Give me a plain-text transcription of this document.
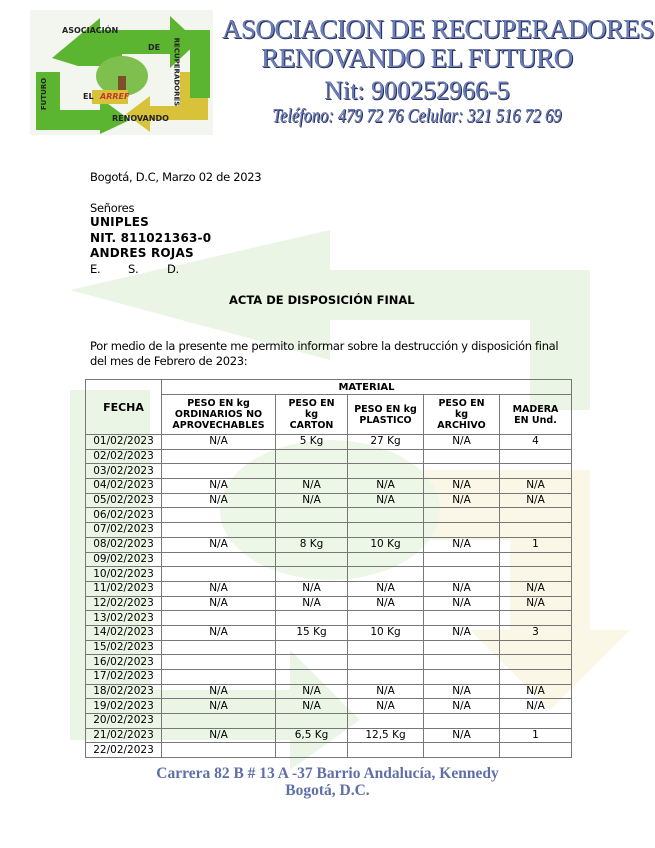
ASOCIACIÓN
DE RECUPERADORES
FUTURO	EL ARREF
RENOVANDO
ASOCIACION DE RECUPERADORES
RENOVANDO EL FUTURO
Nit: 900252966-5
Teléfono: 479 72 76 Celular: 321 516 72 69
Bogotá, D.C, Marzo 02 de 2023
Señores
UNIPLES
NIT. 811021363-0
ANDRES ROJAS
E. S. D.
ACTA DE DISPOSICIÓN FINAL
Por medio de la presente me permito informar sobre la destrucción y disposición final del mes de Febrero de 2023:
FECHA	MATERIAL				

	PESO EN kg ORDINARIOS NO APROVECHABLES	PESO EN kg CARTON	PESO EN kg PLASTICO	PESO EN kg ARCHIVO	MADERA EN Und.

01/02/2023	N/A	5 Kg	27 Kg	N/A	4
02/02/2023					
03/02/2023					
04/02/2023	N/A	N/A	N/A	N/A	N/A
05/02/2023	N/A	N/A	N/A	N/A	N/A
06/02/2023					
07/02/2023					
08/02/2023	N/A	8 Kg	10 Kg	N/A	1
09/02/2023					
10/02/2023					
11/02/2023	N/A	N/A	N/A	N/A	N/A
12/02/2023	N/A	N/A	N/A	N/A	N/A
13/02/2023					
14/02/2023	N/A	15 Kg	10 Kg	N/A	3
15/02/2023					
16/02/2023					
17/02/2023					
18/02/2023	N/A	N/A	N/A	N/A	N/A
19/02/2023	N/A	N/A	N/A	N/A	N/A
20/02/2023					
21/02/2023	N/A	6,5 Kg	12,5 Kg	N/A	1
22/02/2023					
Carrera 82 B # 13 A -37 Barrio Andalucía, Kennedy
Bogotá, D.C.
